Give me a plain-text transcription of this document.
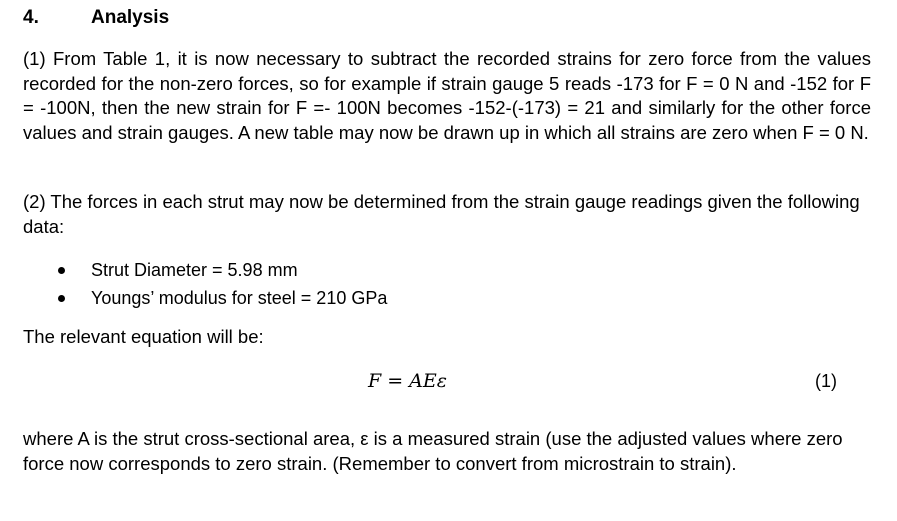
4.	Analysis
(1) From Table 1, it is now necessary to subtract the recorded strains for zero force from the values recorded for the non-zero forces, so for example if strain gauge 5 reads -173 for F = 0 N and -152 for F = -100N, then the new strain for F =- 100N becomes -152-(-173) = 21 and similarly for the other force values and strain gauges. A new table may now be drawn up in which all strains are zero when F = 0 N.
(2) The forces in each strut may now be determined from the strain gauge readings given the following data:
Strut Diameter = 5.98 mm
Youngs’ modulus for steel = 210 GPa
The relevant equation will be:
F = AEε	(1)
where A is the strut cross-sectional area, ε is a measured strain (use the adjusted values where zero force now corresponds to zero strain. (Remember to convert from microstrain to strain).
